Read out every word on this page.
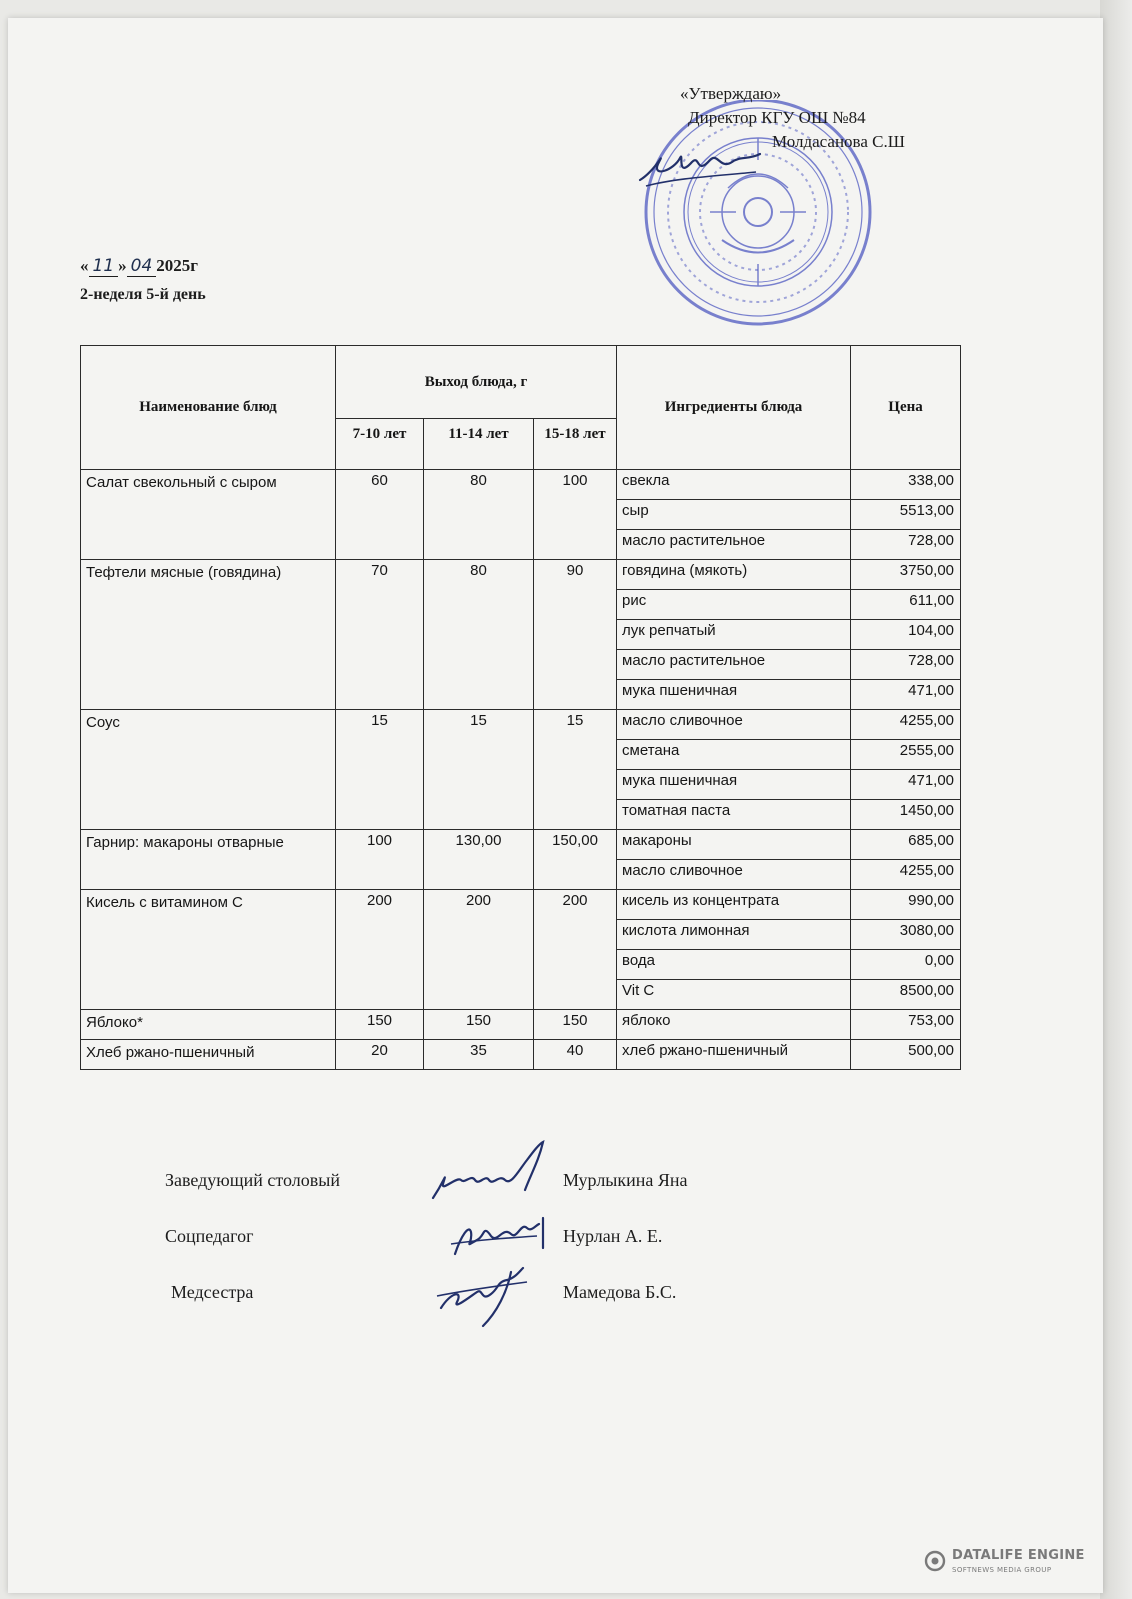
«Утверждаю»
Директор КГУ ОШ №84
Молдасанова С.Ш
« 11 » 04 2025г
2-неделя 5-й день
Наименование блюд	Выход блюда, г			Ингредиенты блюда	Цена
	7-10 лет	11-14 лет	15-18 лет		
Салат свекольный с сыром	60	80	100	свекла	338,00
				сыр	5513,00
				масло растительное	728,00
Тефтели мясные (говядина)	70	80	90	говядина (мякоть)	3750,00
				рис	611,00
				лук репчатый	104,00
				масло растительное	728,00
				мука пшеничная	471,00
Соус	15	15	15	масло сливочное	4255,00
				сметана	2555,00
				мука пшеничная	471,00
				томатная паста	1450,00
Гарнир: макароны отварные	100	130,00	150,00	макароны	685,00
				масло сливочное	4255,00
Кисель с витамином С	200	200	200	кисель из концентрата	990,00
				кислота лимонная	3080,00
				вода	0,00
				Vit C	8500,00
Яблоко*	150	150	150	яблоко	753,00
Хлеб ржано-пшеничный	20	35	40	хлеб ржано-пшеничный	500,00
Заведующий столовый	Мурлыкина Яна
Соцпедагог	Нурлан А. Е.
Медсестра	Мамедова Б.С.
DATALIFE ENGINE
SOFTNEWS MEDIA GROUP
